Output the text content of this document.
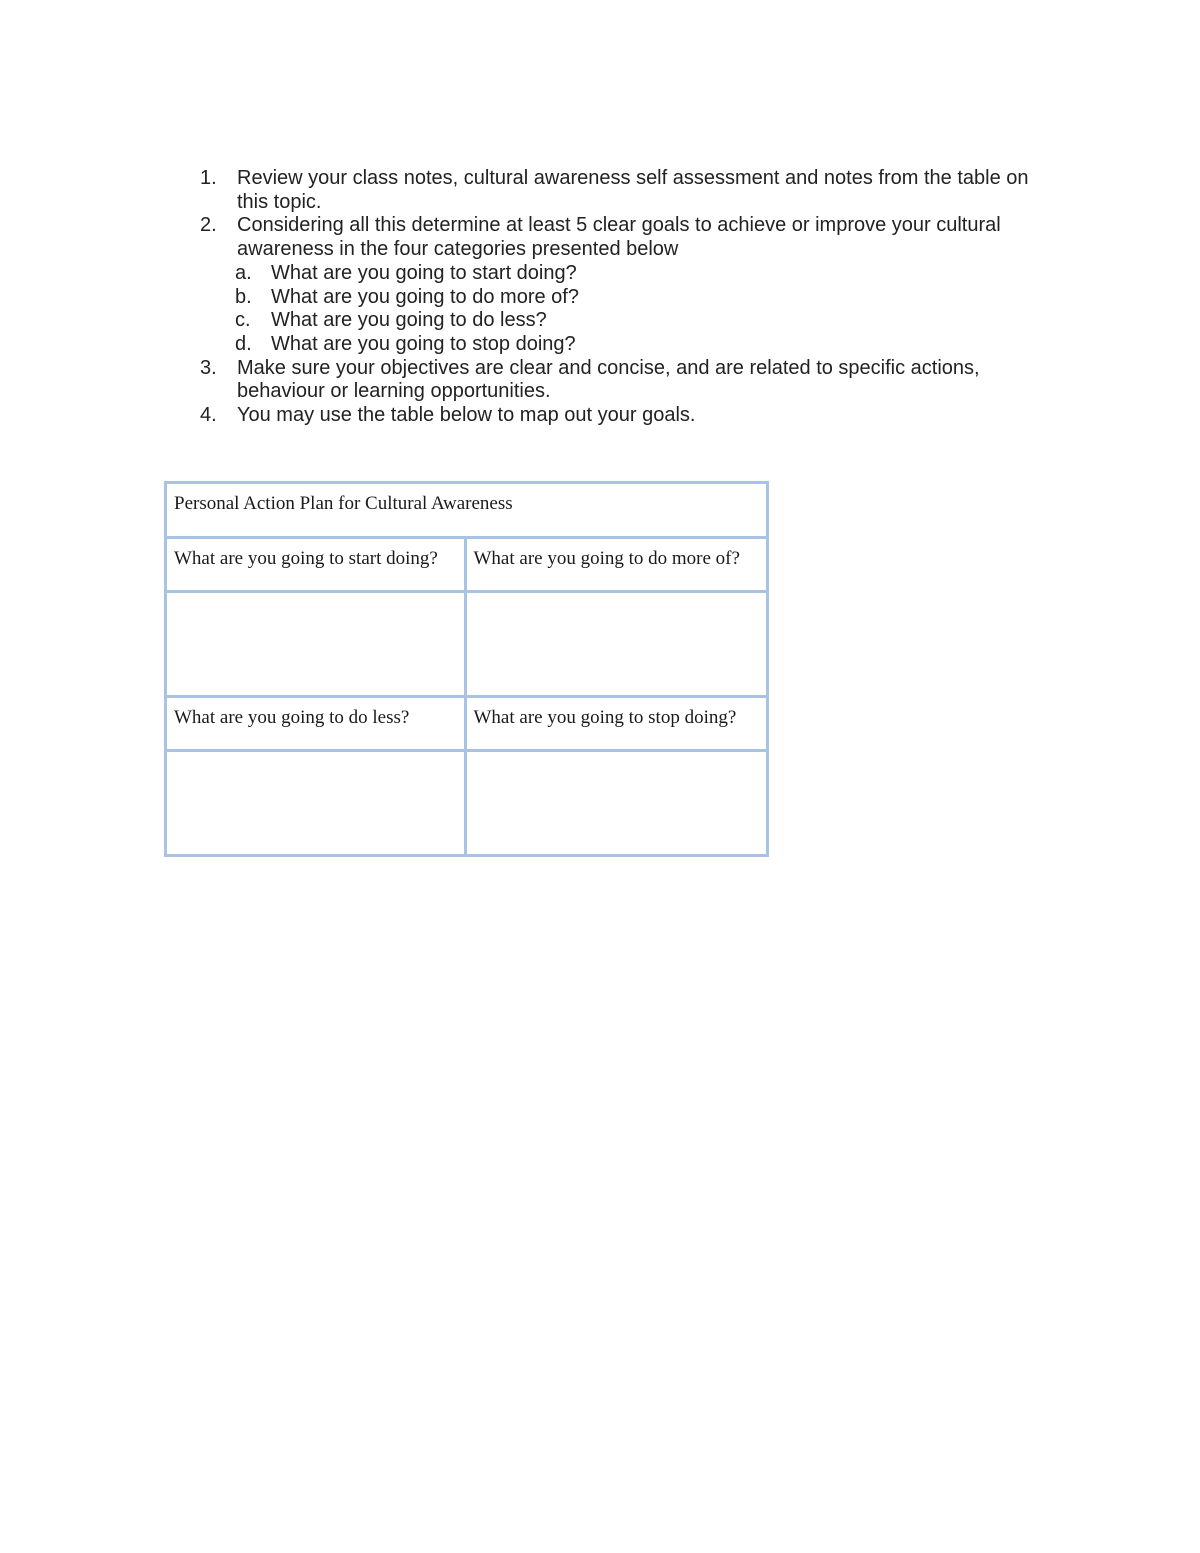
1.	Review your class notes, cultural awareness self assessment and notes from the table on this topic.
2.	Considering all this determine at least 5 clear goals to achieve or improve your cultural awareness in the four categories presented below
a. What are you going to start doing?
b. What are you going to do more of?
c. What are you going to do less?
d. What are you going to stop doing?
3.	Make sure your objectives are clear and concise, and are related to specific actions, behaviour or learning opportunities.
4.	You may use the table below to map out your goals.
Personal Action Plan for Cultural Awareness	
What are you going to start doing?	What are you going to do more of?

What are you going to do less?	What are you going to stop doing?
